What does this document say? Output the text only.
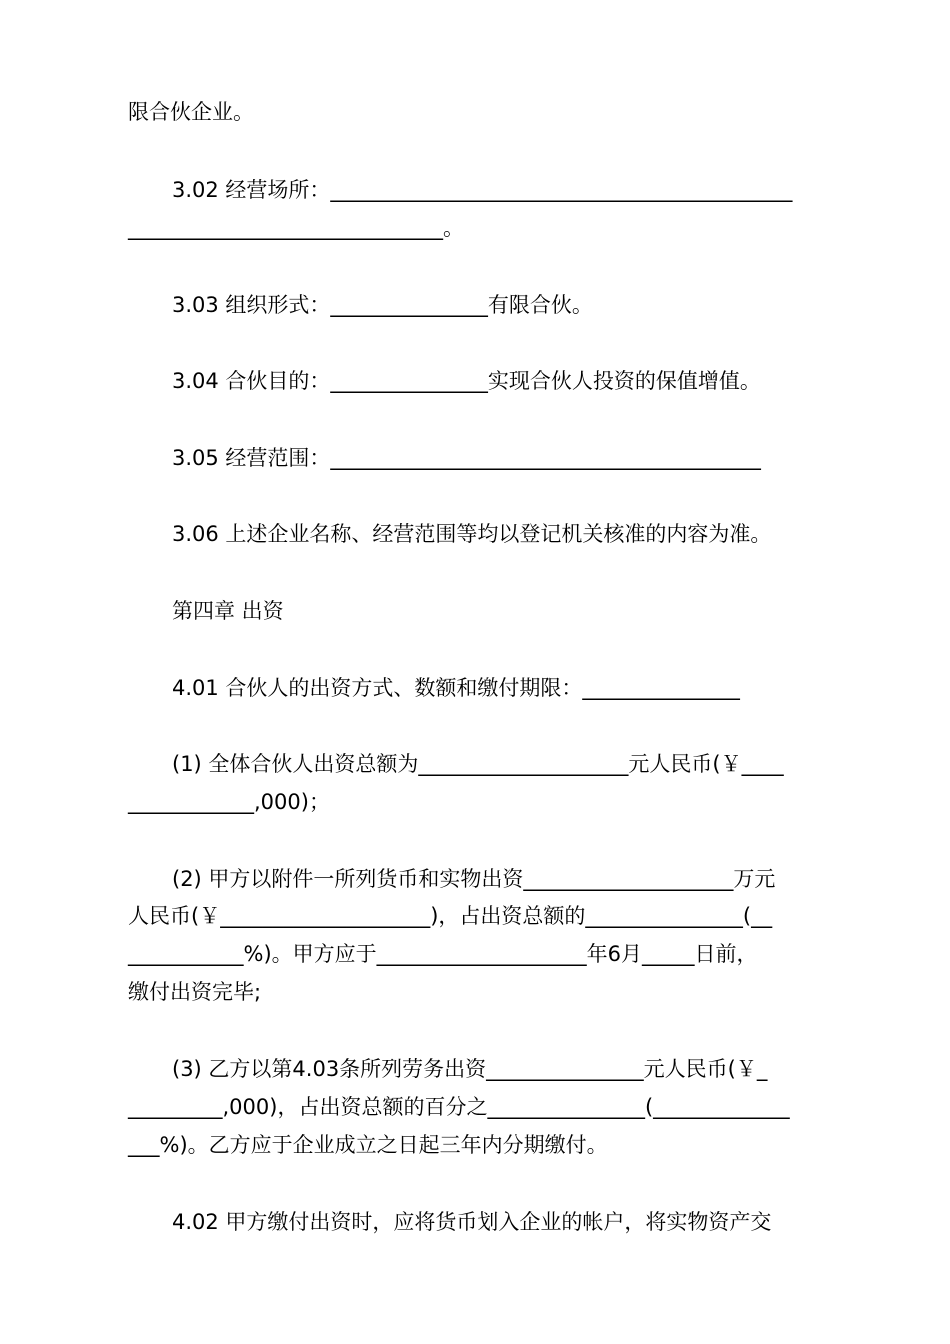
限合伙企业。
3.02 经营场所：____________________________________________
______________________________。
3.03 组织形式：_______________有限合伙。
3.04 合伙目的：_______________实现合伙人投资的保值增值。
3.05 经营范围：_________________________________________
3.06 上述企业名称、经营范围等均以登记机关核准的内容为准。
第四章 出资
4.01 合伙人的出资方式、数额和缴付期限：_______________
(1) 全体合伙人出资总额为____________________元人民币(￥____
____________,000)；
(2) 甲方以附件一所列货币和实物出资____________________万元
人民币(￥____________________)，占出资总额的_______________(__
___________%)。甲方应于____________________年6月_____日前，
缴付出资完毕;
(3) 乙方以第4.03条所列劳务出资_______________元人民币(￥_
_________,000)，占出资总额的百分之_______________(_____________
___%)。乙方应于企业成立之日起三年内分期缴付。
4.02 甲方缴付出资时，应将货币划入企业的帐户，将实物资产交
